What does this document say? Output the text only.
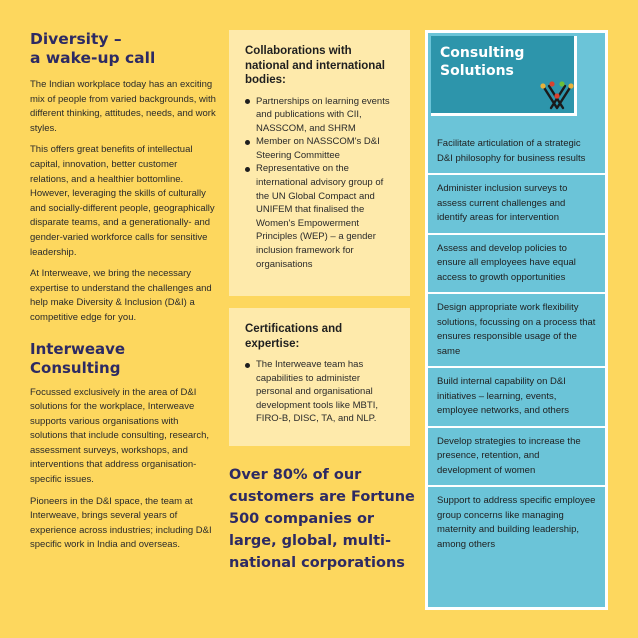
Diversity –
a wake-up call

The Indian workplace today has an exciting mix of people from varied backgrounds, with different thinking, attitudes, needs, and work styles.

This offers great benefits of intellectual capital, innovation, better customer relations, and a healthier bottomline. However, leveraging the skills of culturally and socially-different people, geographically disparate teams, and a generationally- and gender-varied workforce calls for sensitive leadership.

At Interweave, we bring the necessary expertise to understand the challenges and help make Diversity & Inclusion (D&I) a competitive edge for you.

Interweave Consulting

Focussed exclusively in the area of D&I solutions for the workplace, Interweave supports various organisations with solutions that include consulting, research, assessment surveys, workshops, and interventions that address organisation-specific issues.

Pioneers in the D&I space, the team at Interweave, brings several years of experience across industries; including D&I specific work in India and overseas.

Collaborations with national and international bodies:
Partnerships on learning events and publications with CII, NASSCOM, and SHRM
Member on NASSCOM's D&I Steering Committee
Representative on the international advisory group of the UN Global Compact and UNIFEM that finalised the Women's Empowerment Principles (WEP) – a gender inclusion framework for organisations
Certifications and expertise:
The Interweave team has capabilities to administer personal and organisational development tools like MBTI, FIRO-B, DISC, TA, and NLP.
Over 80% of our customers are Fortune 500 companies or large, global, multi-national corporations
Consulting
Solutions
Facilitate articulation of a strategic D&I philosophy for business results
Administer inclusion surveys to assess current challenges and identify areas for intervention
Assess and develop policies to ensure all employees have equal access to growth opportunities
Design appropriate work flexibility solutions, focussing on a process that ensures responsible usage of the same
Build internal capability on D&I initiatives – learning, events, employee networks, and others
Develop strategies to increase the presence, retention, and development of women
Support to address specific employee group concerns like managing maternity and building leadership, among others
